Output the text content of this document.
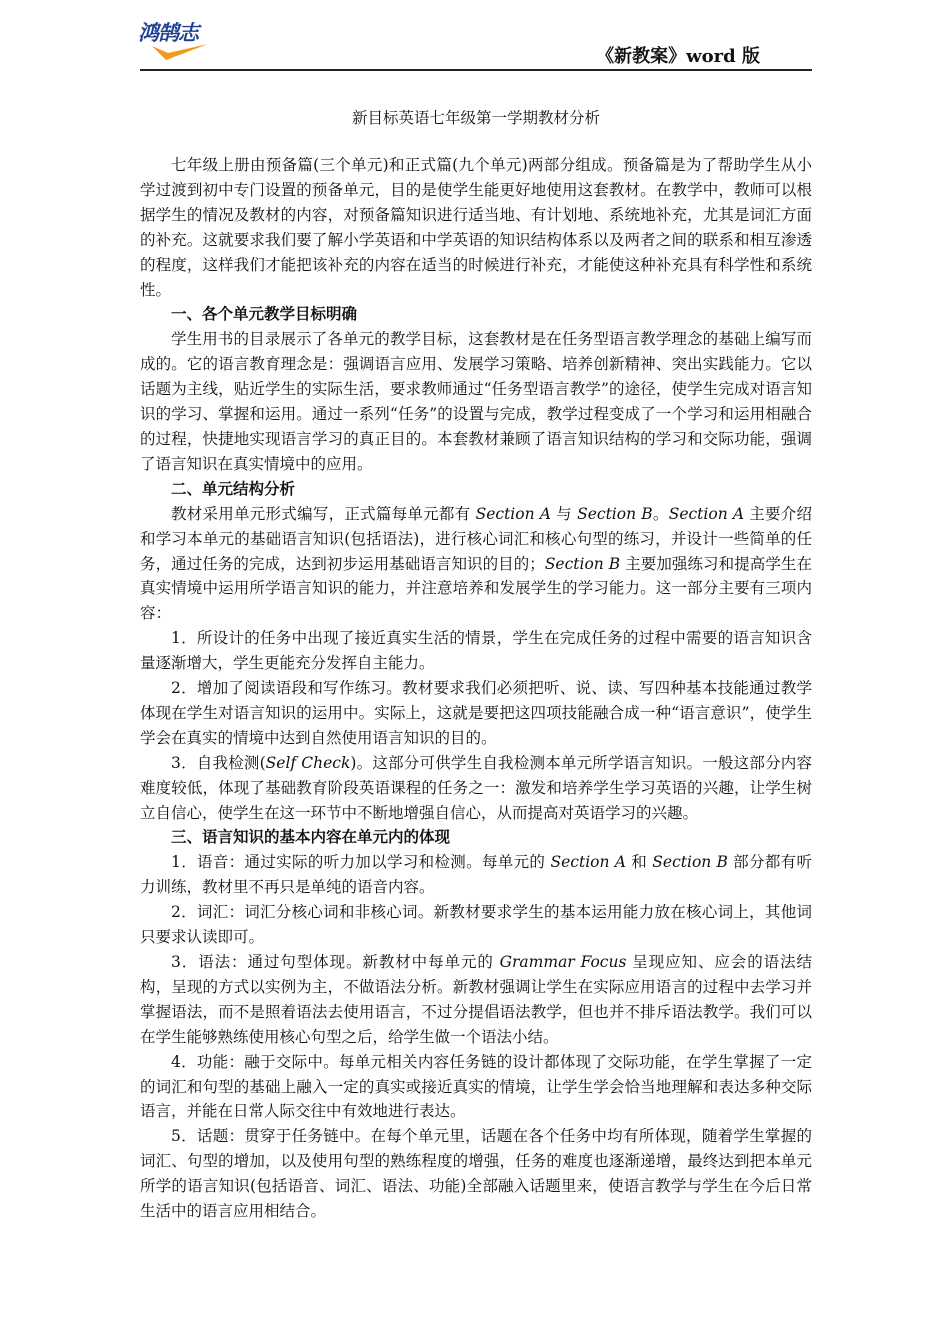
鸿鹄志
《新教案》word 版
新目标英语七年级第一学期教材分析

七年级上册由预备篇(三个单元)和正式篇(九个单元)两部分组成。预备篇是为了帮助学生从小学过渡到初中专门设置的预备单元，目的是使学生能更好地使用这套教材。在教学中，教师可以根据学生的情况及教材的内容，对预备篇知识进行适当地、有计划地、系统地补充，尤其是词汇方面的补充。这就要求我们要了解小学英语和中学英语的知识结构体系以及两者之间的联系和相互渗透的程度，这样我们才能把该补充的内容在适当的时候进行补充，才能使这种补充具有科学性和系统性。

一、各个单元教学目标明确

学生用书的目录展示了各单元的教学目标，这套教材是在任务型语言教学理念的基础上编写而成的。它的语言教育理念是：强调语言应用、发展学习策略、培养创新精神、突出实践能力。它以话题为主线，贴近学生的实际生活，要求教师通过“任务型语言教学”的途径，使学生完成对语言知识的学习、掌握和运用。通过一系列“任务”的设置与完成，教学过程变成了一个学习和运用相融合的过程，快捷地实现语言学习的真正目的。本套教材兼顾了语言知识结构的学习和交际功能，强调了语言知识在真实情境中的应用。

二、单元结构分析

教材采用单元形式编写，正式篇每单元都有 Section A 与 Section B。Section A 主要介绍和学习本单元的基础语言知识(包括语法)，进行核心词汇和核心句型的练习，并设计一些简单的任务，通过任务的完成，达到初步运用基础语言知识的目的；Section B 主要加强练习和提高学生在真实情境中运用所学语言知识的能力，并注意培养和发展学生的学习能力。这一部分主要有三项内容：

1．所设计的任务中出现了接近真实生活的情景，学生在完成任务的过程中需要的语言知识含量逐渐增大，学生更能充分发挥自主能力。

2．增加了阅读语段和写作练习。教材要求我们必须把听、说、读、写四种基本技能通过教学体现在学生对语言知识的运用中。实际上，这就是要把这四项技能融合成一种“语言意识”，使学生学会在真实的情境中达到自然使用语言知识的目的。

3．自我检测(Self Check)。这部分可供学生自我检测本单元所学语言知识。一般这部分内容难度较低，体现了基础教育阶段英语课程的任务之一：激发和培养学生学习英语的兴趣，让学生树立自信心，使学生在这一环节中不断地增强自信心，从而提高对英语学习的兴趣。

三、语言知识的基本内容在单元内的体现

1．语音：通过实际的听力加以学习和检测。每单元的 Section A 和 Section B 部分都有听力训练，教材里不再只是单纯的语音内容。

2．词汇：词汇分核心词和非核心词。新教材要求学生的基本运用能力放在核心词上，其他词只要求认读即可。

3．语法：通过句型体现。新教材中每单元的 Grammar Focus 呈现应知、应会的语法结构，呈现的方式以实例为主，不做语法分析。新教材强调让学生在实际应用语言的过程中去学习并掌握语法，而不是照着语法去使用语言，不过分提倡语法教学，但也并不排斥语法教学。我们可以在学生能够熟练使用核心句型之后，给学生做一个语法小结。

4．功能：融于交际中。每单元相关内容任务链的设计都体现了交际功能，在学生掌握了一定的词汇和句型的基础上融入一定的真实或接近真实的情境，让学生学会恰当地理解和表达多种交际语言，并能在日常人际交往中有效地进行表达。

5．话题：贯穿于任务链中。在每个单元里，话题在各个任务中均有所体现，随着学生掌握的词汇、句型的增加，以及使用句型的熟练程度的增强，任务的难度也逐渐递增，最终达到把本单元所学的语言知识(包括语音、词汇、语法、功能)全部融入话题里来，使语言教学与学生在今后日常生活中的语言应用相结合。
